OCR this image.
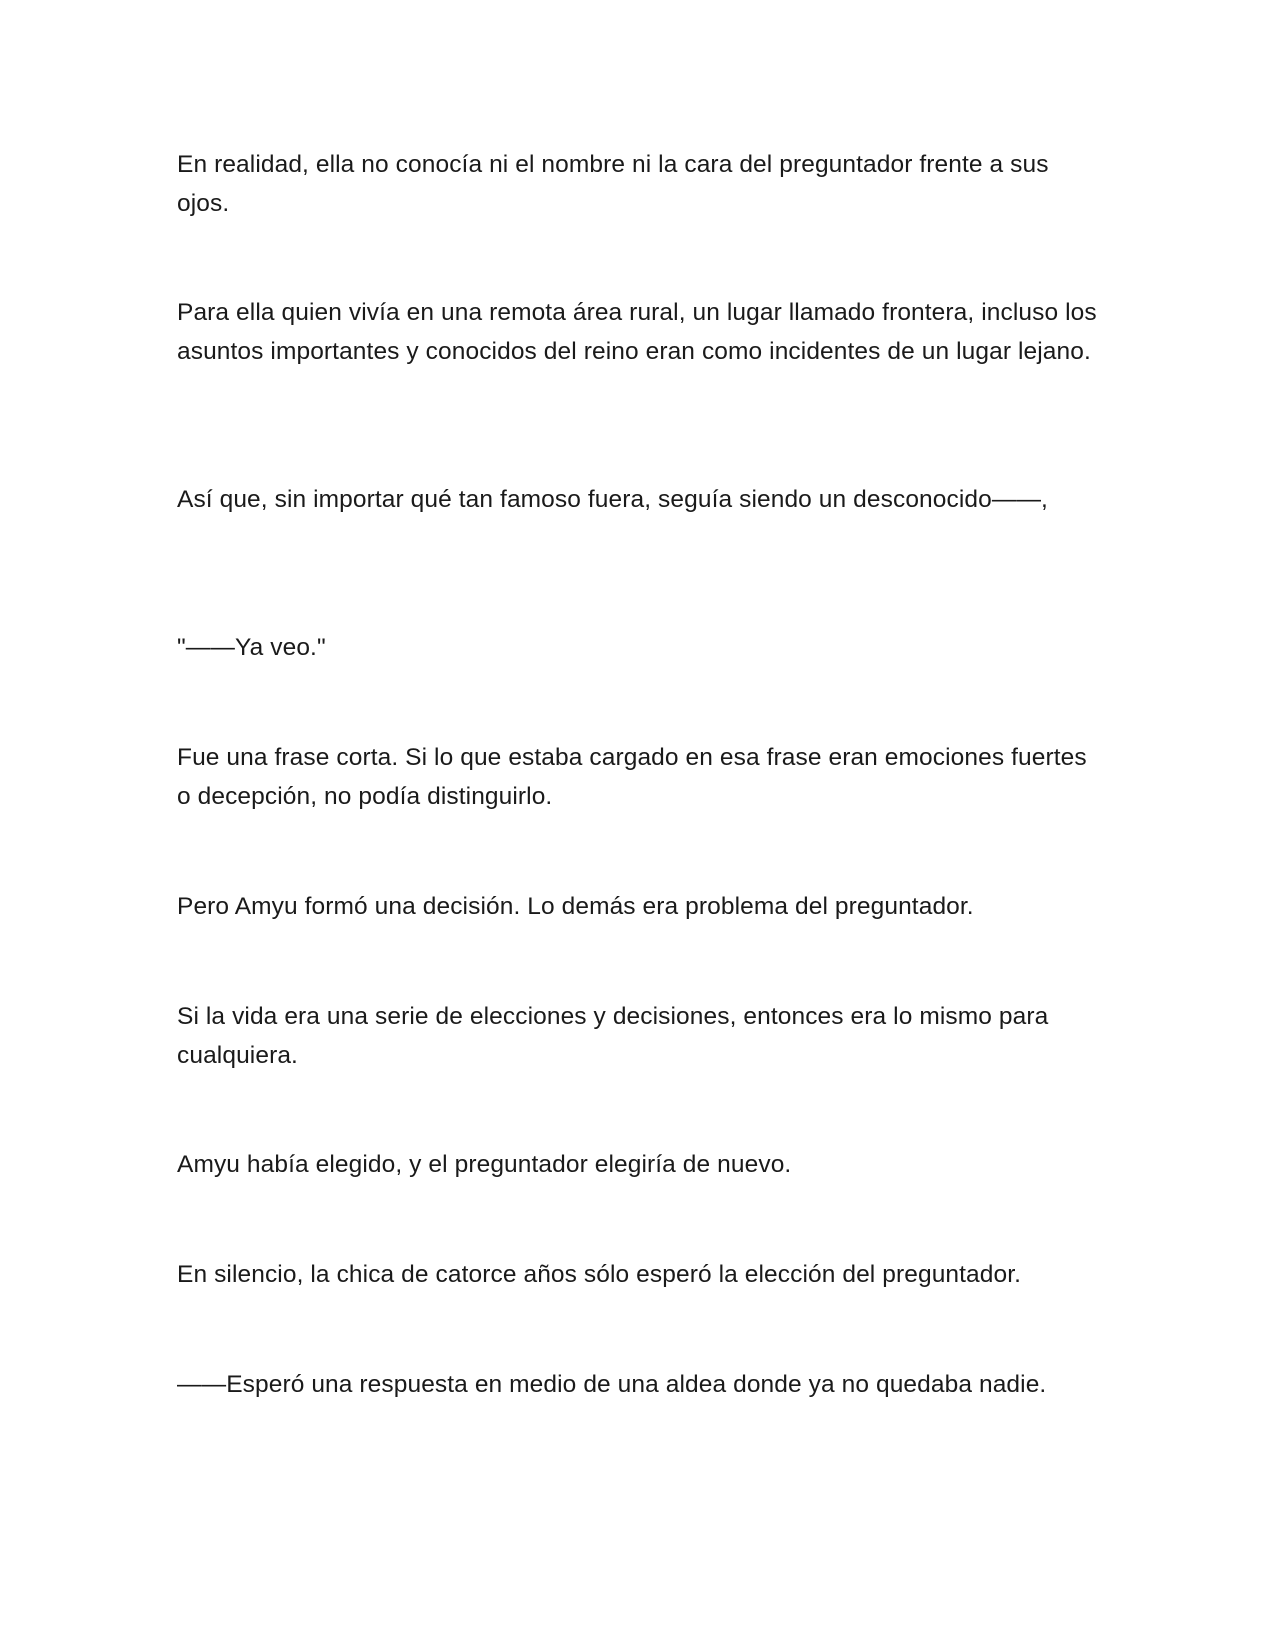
En realidad, ella no conocía ni el nombre ni la cara del preguntador frente a sus ojos.

Para ella quien vivía en una remota área rural, un lugar llamado frontera, incluso los asuntos importantes y conocidos del reino eran como incidentes de un lugar lejano.

Así que, sin importar qué tan famoso fuera, seguía siendo un desconocido——,

"——Ya veo."

Fue una frase corta. Si lo que estaba cargado en esa frase eran emociones fuertes o decepción, no podía distinguirlo.

Pero Amyu formó una decisión. Lo demás era problema del preguntador.

Si la vida era una serie de elecciones y decisiones, entonces era lo mismo para cualquiera.

Amyu había elegido, y el preguntador elegiría de nuevo.

En silencio, la chica de catorce años sólo esperó la elección del preguntador.

——Esperó una respuesta en medio de una aldea donde ya no quedaba nadie.
